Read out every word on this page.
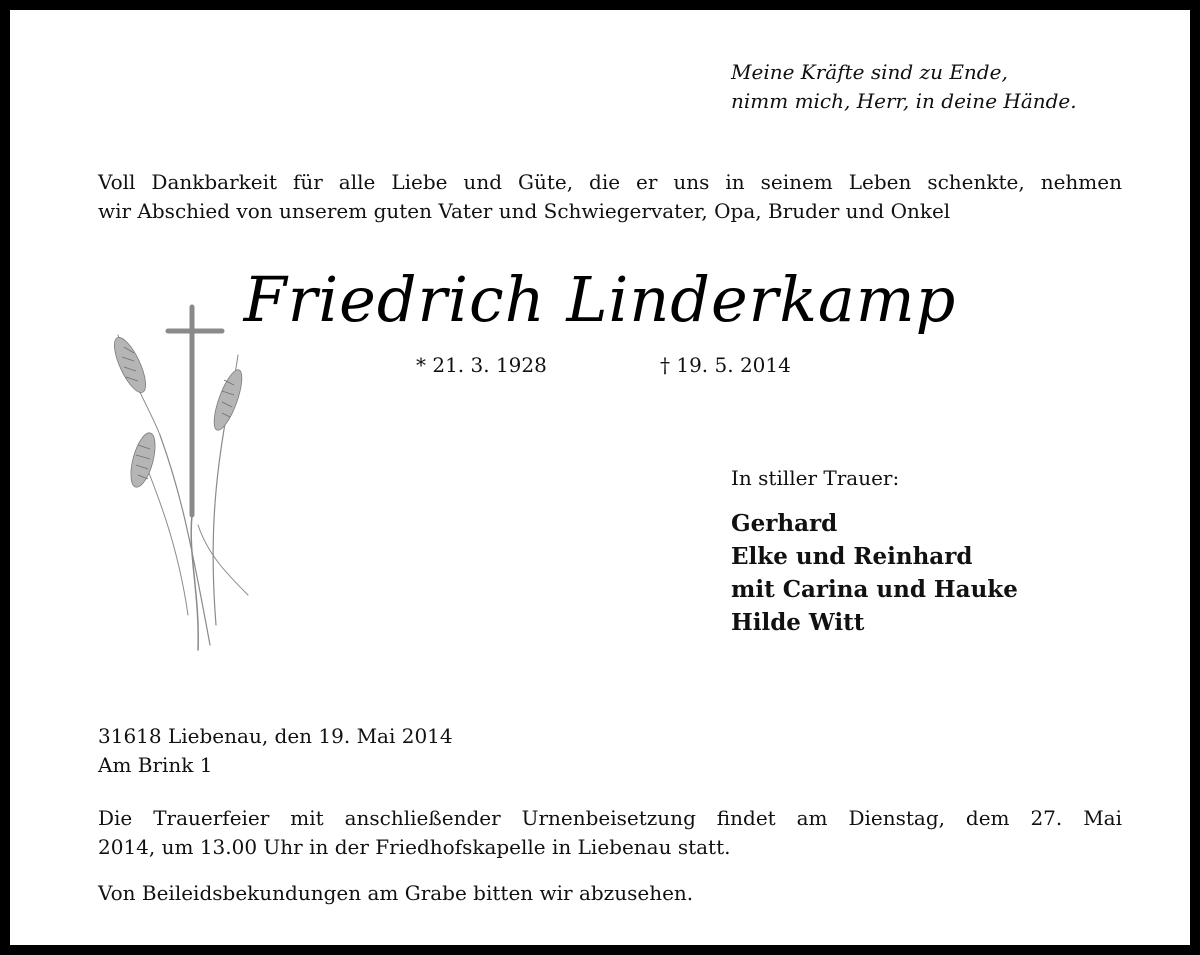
Meine Kräfte sind zu Ende,
nimm mich, Herr, in deine Hände.
Voll Dankbarkeit für alle Liebe und Güte, die er uns in seinem Leben schenkte, nehmen
wir Abschied von unserem guten Vater und Schwiegervater, Opa, Bruder und Onkel
Friedrich Linderkamp
* 21. 3. 1928	† 19. 5. 2014
In stiller Trauer:
Gerhard
Elke und Reinhard
mit Carina und Hauke
Hilde Witt
31618 Liebenau, den 19. Mai 2014
Am Brink 1
Die Trauerfeier mit anschließender Urnenbeisetzung findet am Dienstag, dem 27. Mai
2014, um 13.00 Uhr in der Friedhofskapelle in Liebenau statt.
Von Beileidsbekundungen am Grabe bitten wir abzusehen.
